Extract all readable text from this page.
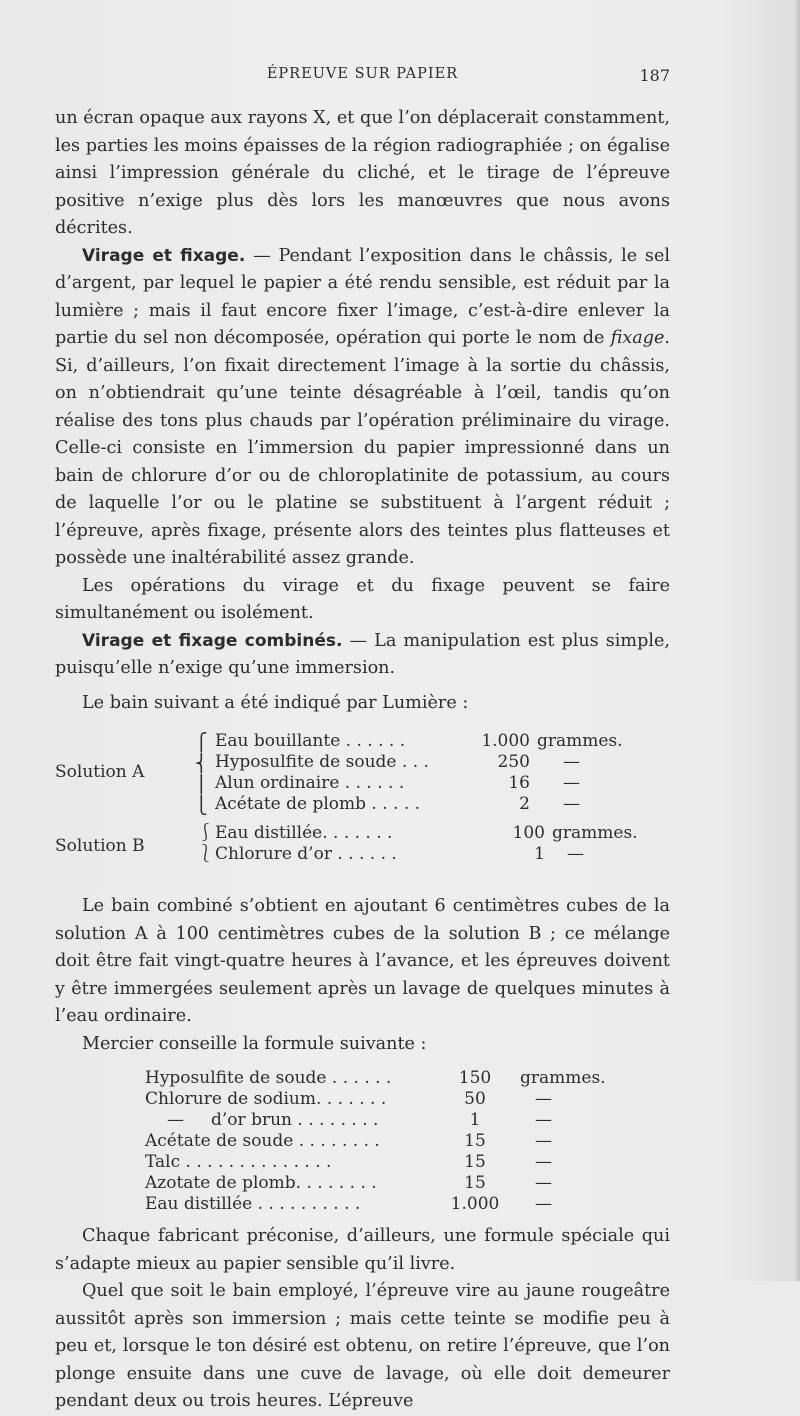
ÉPREUVE SUR PAPIER	187

un écran opaque aux rayons X, et que l’on déplacerait constamment, les parties les moins épaisses de la région radiographiée ; on égalise ainsi l’impression générale du cliché, et le tirage de l’épreuve positive n’exige plus dès lors les manœuvres que nous avons décrites.

Virage et fixage. — Pendant l’exposition dans le châssis, le sel d’argent, par lequel le papier a été rendu sensible, est réduit par la lumière ; mais il faut encore fixer l’image, c’est-à-dire enlever la partie du sel non décomposée, opération qui porte le nom de fixage. Si, d’ailleurs, l’on fixait directement l’image à la sortie du châssis, on n’obtiendrait qu’une teinte désagréable à l’œil, tandis qu’on réalise des tons plus chauds par l’opération préliminaire du virage. Celle-ci consiste en l’immersion du papier impressionné dans un bain de chlorure d’or ou de chloroplatinite de potassium, au cours de laquelle l’or ou le platine se substituent à l’argent réduit ; l’épreuve, après fixage, présente alors des teintes plus flatteuses et possède une inaltérabilité assez grande.

Les opérations du virage et du fixage peuvent se faire simultanément ou isolément.

Virage et fixage combinés. — La manipulation est plus simple, puisqu’elle n’exige qu’une immersion.

Le bain suivant a été indiqué par Lumière :

Solution A
⎧
⎨
⎪
⎩
Eau bouillante . . . . . .	1.000 grammes.
Hyposulfite de soude . . .	250 —
Alun ordinaire . . . . . .	16 —
Acétate de plomb . . . . .	2 —
Solution B
⎰
⎱
Eau distillée. . . . . . .	100 grammes.
Chlorure d’or . . . . . .	1 —

Le bain combiné s’obtient en ajoutant 6 centimètres cubes de la solution A à 100 centimètres cubes de la solution B ; ce mélange doit être fait vingt-quatre heures à l’avance, et les épreuves doivent y être immergées seulement après un lavage de quelques minutes à l’eau ordinaire.

Mercier conseille la formule suivante :

Hyposulfite de soude . . . . . .	150	grammes.
Chlorure de sodium. . . . . . .	50	—
—     d’or brun . . . . . . . .	1	—
Acétate de soude . . . . . . . .	15	—
Talc . . . . . . . . . . . . . .	15	—
Azotate de plomb. . . . . . . .	15	—
Eau distillée . . . . . . . . . .	1.000	—

Chaque fabricant préconise, d’ailleurs, une formule spéciale qui s’adapte mieux au papier sensible qu’il livre.

Quel que soit le bain employé, l’épreuve vire au jaune rougeâtre aussitôt après son immersion ; mais cette teinte se modifie peu à peu et, lorsque le ton désiré est obtenu, on retire l’épreuve, que l’on plonge ensuite dans une cuve de lavage, où elle doit demeurer pendant deux ou trois heures. L’épreuve
